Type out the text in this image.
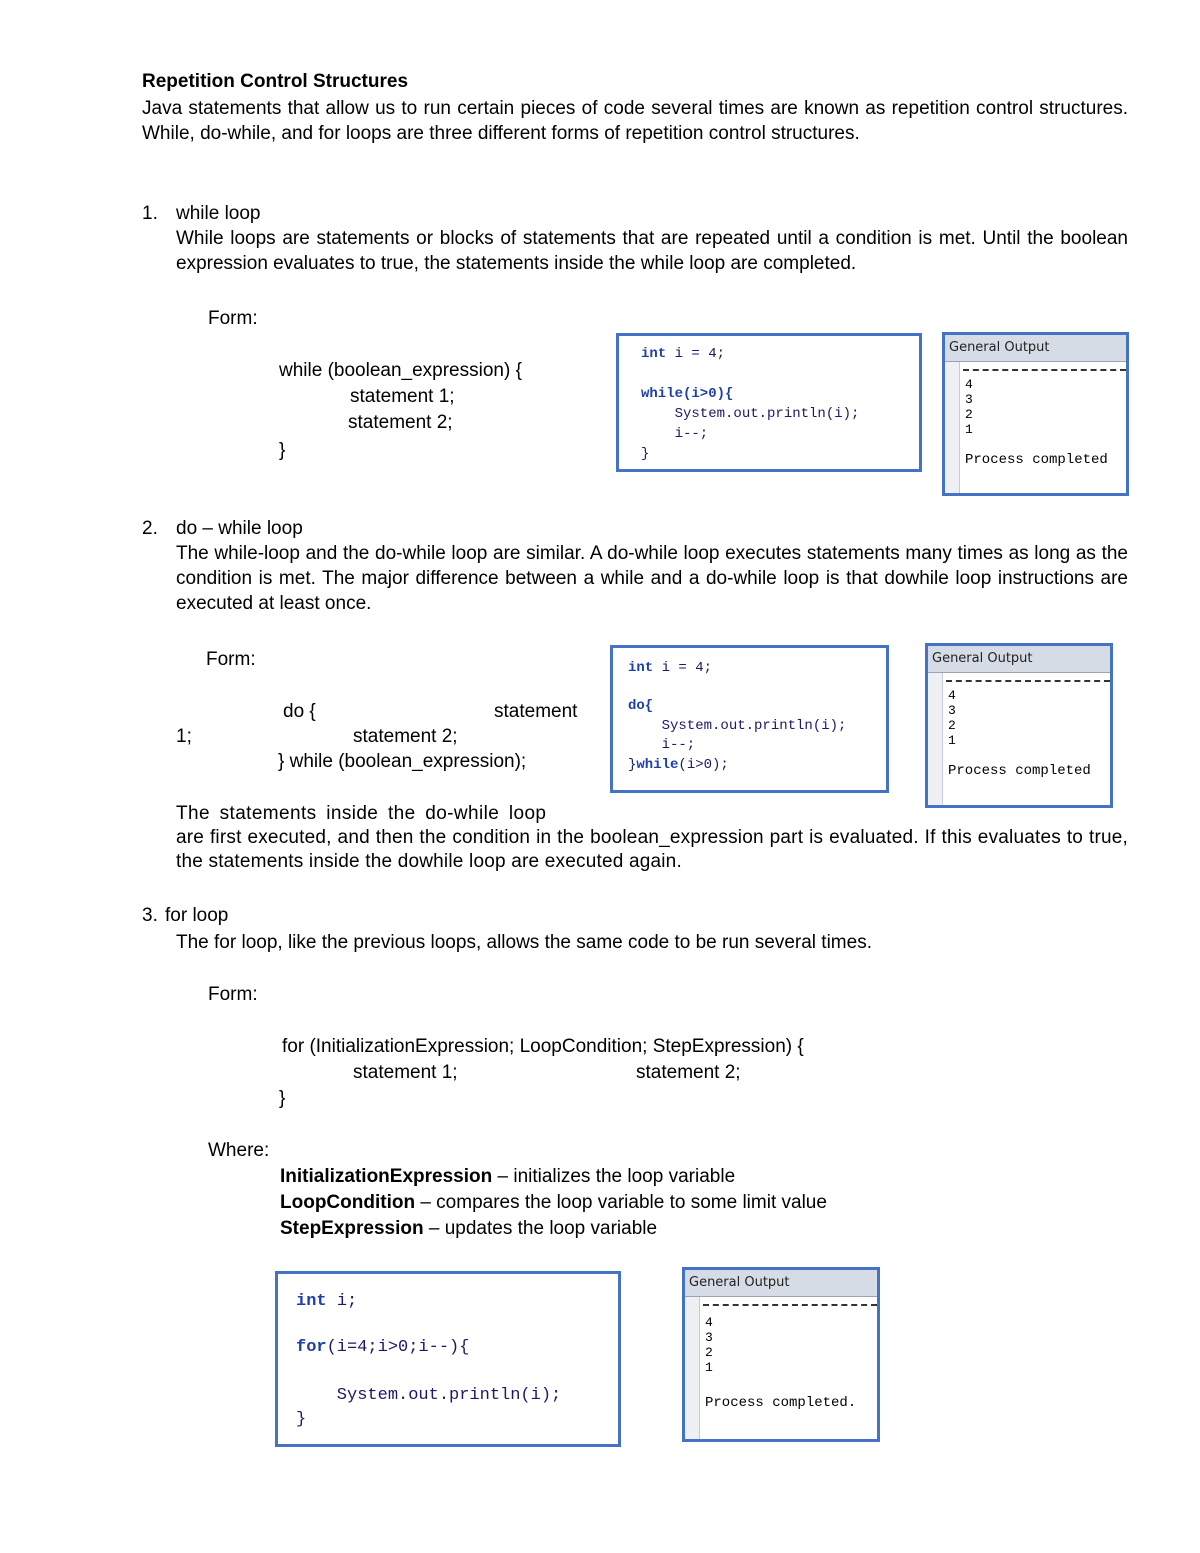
Repetition Control Structures
Java statements that allow us to run certain pieces of code several times are known as repetition control structures. While, do-while, and for loops are three different forms of repetition control structures.
1. while loop
While loops are statements or blocks of statements that are repeated until a condition is met. Until the boolean expression evaluates to true, the statements inside the while loop are completed.
Form:
while (boolean_expression) {
statement 1;
statement 2;
}
int i = 4;
while(i>0){
System.out.println(i);
i--;
}
General Output
4
3
2
1
Process completed
2. do – while loop
The while-loop and the do-while loop are similar. A do-while loop executes statements many times as long as the condition is met. The major difference between a while and a do-while loop is that dowhile loop instructions are executed at least once.
Form:
do {	statement
1;	statement 2;
} while (boolean_expression);
The statements inside the do-while loop
are first executed, and then the condition in the boolean_expression part is evaluated. If this evaluates to true, the statements inside the dowhile loop are executed again.
int i = 4;
do{
System.out.println(i);
i--;
}while(i>0);
General Output
4
3
2
1
Process completed
3. for loop
The for loop, like the previous loops, allows the same code to be run several times.
Form:
for (InitializationExpression; LoopCondition; StepExpression) {
statement 1;	statement 2;
}
Where:
InitializationExpression – initializes the loop variable
LoopCondition – compares the loop variable to some limit value
StepExpression – updates the loop variable
int i;
for(i=4;i>0;i--){
System.out.println(i);
}
General Output
4
3
2
1
Process completed.
